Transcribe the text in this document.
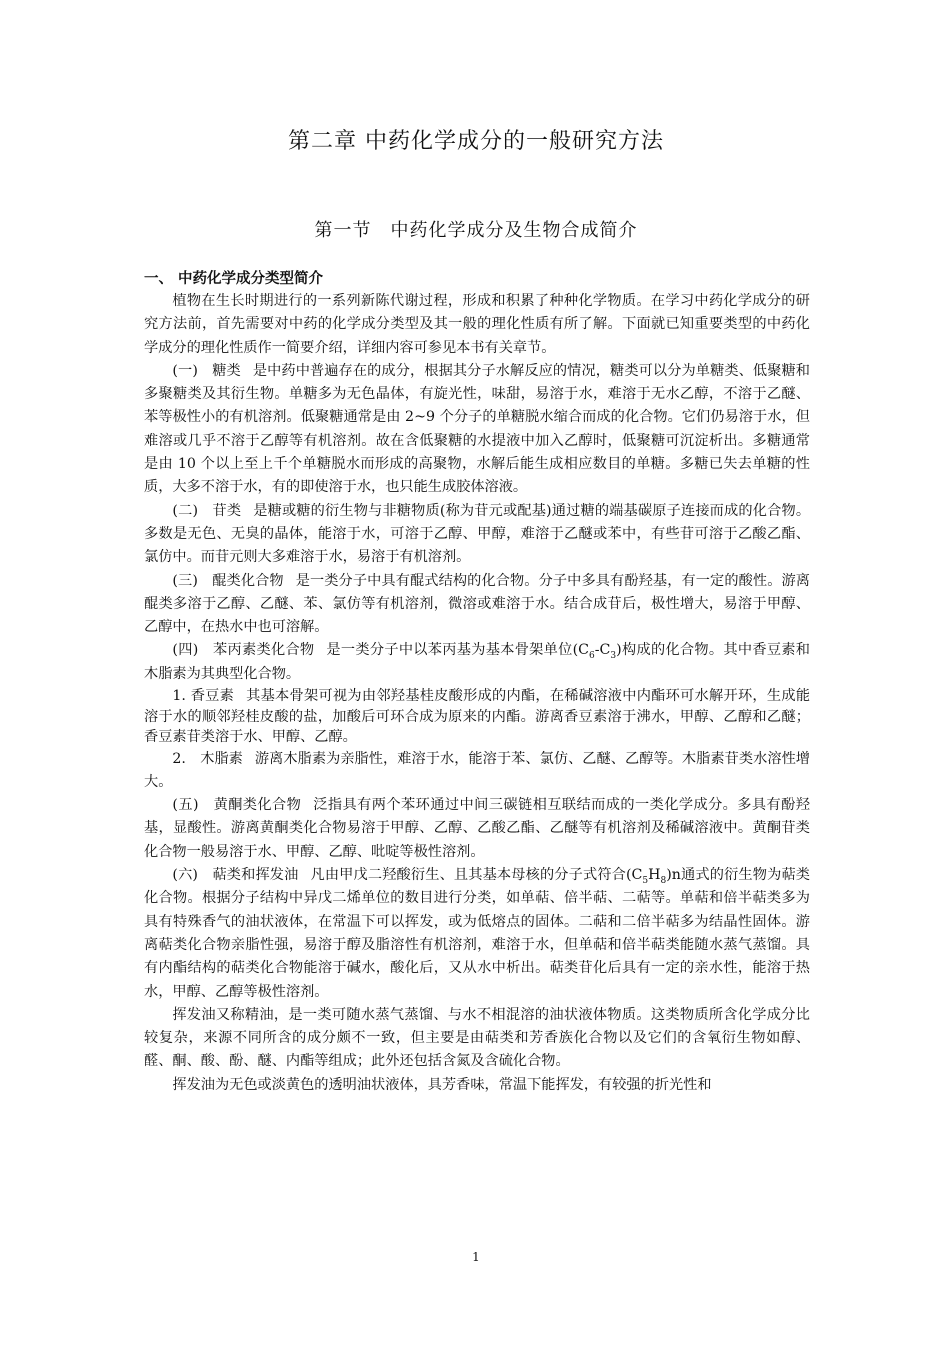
第二章 中药化学成分的一般研究方法
第一节　中药化学成分及生物合成简介
一、 中药化学成分类型简介

植物在生长时期进行的一系列新陈代谢过程，形成和积累了种种化学物质。在学习中药化学成分的研究方法前，首先需要对中药的化学成分类型及其一般的理化性质有所了解。下面就已知重要类型的中药化学成分的理化性质作一简要介绍，详细内容可参见本书有关章节。

(一)　糖类 是中药中普遍存在的成分，根据其分子水解反应的情况，糖类可以分为单糖类、低聚糖和多聚糖类及其衍生物。单糖多为无色晶体，有旋光性，味甜，易溶于水，难溶于无水乙醇，不溶于乙醚、苯等极性小的有机溶剂。低聚糖通常是由 2~9 个分子的单糖脱水缩合而成的化合物。它们仍易溶于水，但难溶或几乎不溶于乙醇等有机溶剂。故在含低聚糖的水提液中加入乙醇时，低聚糖可沉淀析出。多糖通常是由 10 个以上至上千个单糖脱水而形成的高聚物，水解后能生成相应数目的单糖。多糖已失去单糖的性质，大多不溶于水，有的即使溶于水，也只能生成胶体溶液。

(二)　苷类 是糖或糖的衍生物与非糖物质(称为苷元或配基)通过糖的端基碳原子连接而成的化合物。多数是无色、无臭的晶体，能溶于水，可溶于乙醇、甲醇，难溶于乙醚或苯中，有些苷可溶于乙酸乙酯、氯仿中。而苷元则大多难溶于水，易溶于有机溶剂。

(三)　醌类化合物 是一类分子中具有醌式结构的化合物。分子中多具有酚羟基，有一定的酸性。游离醌类多溶于乙醇、乙醚、苯、氯仿等有机溶剂，微溶或难溶于水。结合成苷后，极性增大，易溶于甲醇、乙醇中，在热水中也可溶解。

(四)　苯丙素类化合物 是一类分子中以苯丙基为基本骨架单位$(C_6-C_3)$构成的化合物。其中香豆素和木脂素为其典型化合物。

1. 香豆素 其基本骨架可视为由邻羟基桂皮酸形成的内酯，在稀碱溶液中内酯环可水解开环，生成能溶于水的顺邻羟桂皮酸的盐，加酸后可环合成为原来的内酯。游离香豆素溶于沸水，甲醇、乙醇和乙醚；香豆素苷类溶于水、甲醇、乙醇。

2.　木脂素 游离木脂素为亲脂性，难溶于水，能溶于苯、氯仿、乙醚、乙醇等。木脂素苷类水溶性增大。

(五)　黄酮类化合物 泛指具有两个苯环通过中间三碳链相互联结而成的一类化学成分。多具有酚羟基，显酸性。游离黄酮类化合物易溶于甲醇、乙醇、乙酸乙酯、乙醚等有机溶剂及稀碱溶液中。黄酮苷类化合物一般易溶于水、甲醇、乙醇、吡啶等极性溶剂。

(六)　萜类和挥发油 凡由甲戊二羟酸衍生、且其基本母核的分子式符合$(C_5H_8)n$通式的衍生物为萜类化合物。根据分子结构中异戊二烯单位的数目进行分类，如单萜、倍半萜、二萜等。单萜和倍半萜类多为具有特殊香气的油状液体，在常温下可以挥发，或为低熔点的固体。二萜和二倍半萜多为结晶性固体。游离萜类化合物亲脂性强，易溶于醇及脂溶性有机溶剂，难溶于水，但单萜和倍半萜类能随水蒸气蒸馏。具有内酯结构的萜类化合物能溶于碱水，酸化后，又从水中析出。萜类苷化后具有一定的亲水性，能溶于热水，甲醇、乙醇等极性溶剂。

挥发油又称精油，是一类可随水蒸气蒸馏、与水不相混溶的油状液体物质。这类物质所含化学成分比较复杂，来源不同所含的成分颇不一致，但主要是由萜类和芳香族化合物以及它们的含氧衍生物如醇、醛、酮、酸、酚、醚、内酯等组成；此外还包括含氮及含硫化合物。

挥发油为无色或淡黄色的透明油状液体，具芳香味，常温下能挥发，有较强的折光性和

1
